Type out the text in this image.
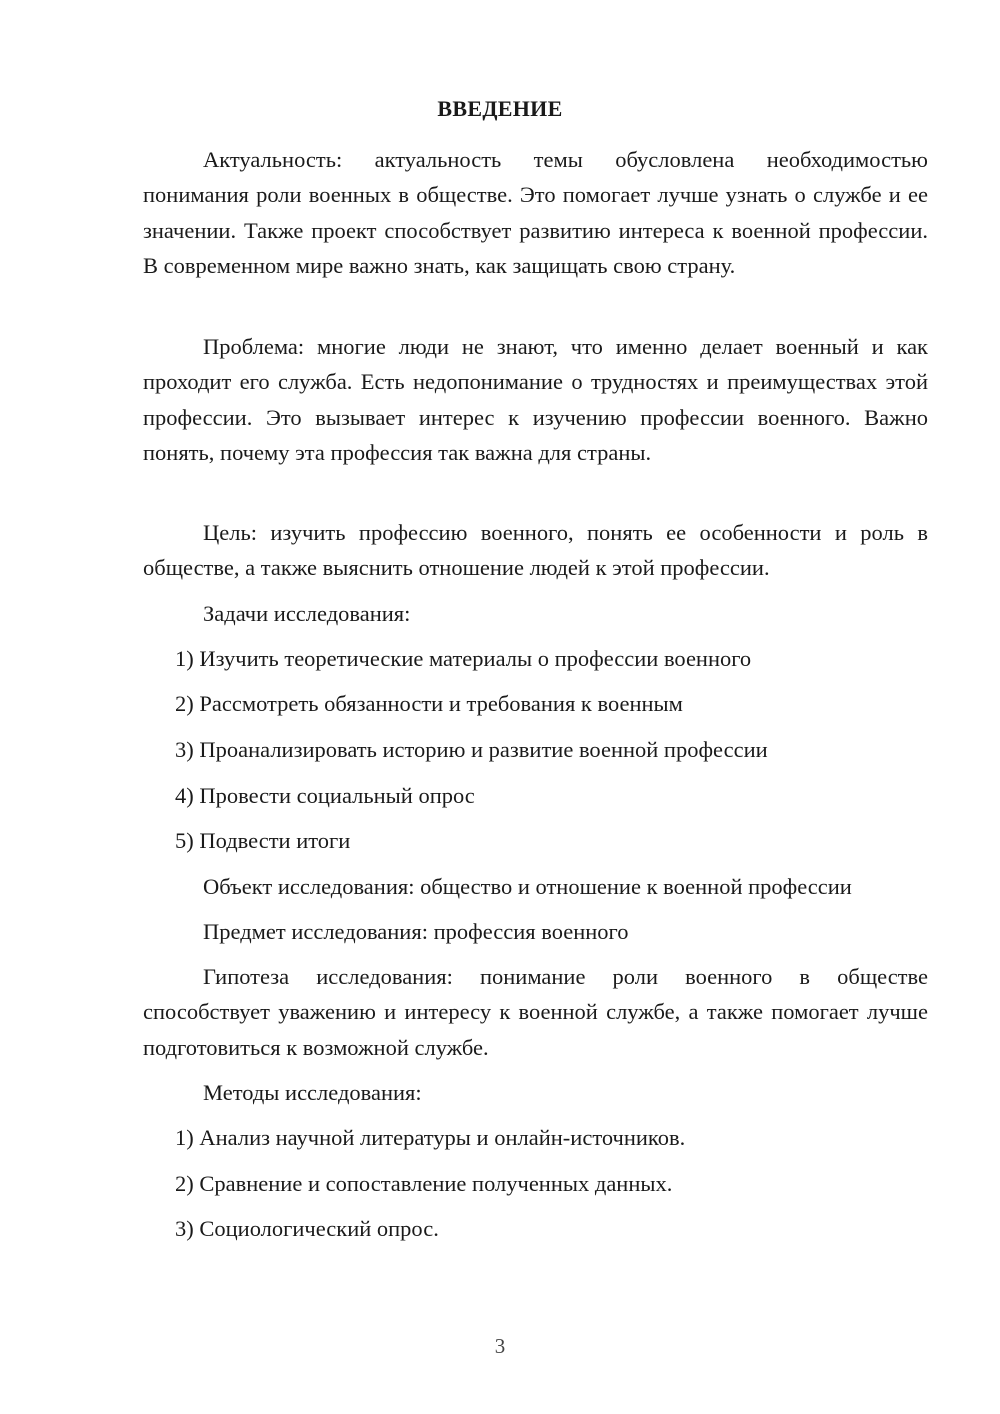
ВВЕДЕНИЕ

Актуальность: актуальность темы обусловлена необходимостью понимания роли военных в обществе. Это помогает лучше узнать о службе и ее значении. Также проект способствует развитию интереса к военной профессии. В современном мире важно знать, как защищать свою страну.

Проблема: многие люди не знают, что именно делает военный и как проходит его служба. Есть недопонимание о трудностях и преимуществах этой профессии. Это вызывает интерес к изучению профессии военного. Важно понять, почему эта профессия так важна для страны.

Цель: изучить профессию военного, понять ее особенности и роль в обществе, а также выяснить отношение людей к этой профессии.

Задачи исследования:

1) Изучить теоретические материалы о профессии военного

2) Рассмотреть обязанности и требования к военным

3) Проанализировать историю и развитие военной профессии

4) Провести социальный опрос

5) Подвести итоги

Объект исследования: общество и отношение к военной профессии

Предмет исследования: профессия военного

Гипотеза исследования: понимание роли военного в обществе способствует уважению и интересу к военной службе, а также помогает лучше подготовиться к возможной службе.

Методы исследования:

1) Анализ научной литературы и онлайн-источников.

2) Сравнение и сопоставление полученных данных.

3) Социологический опрос.

3
